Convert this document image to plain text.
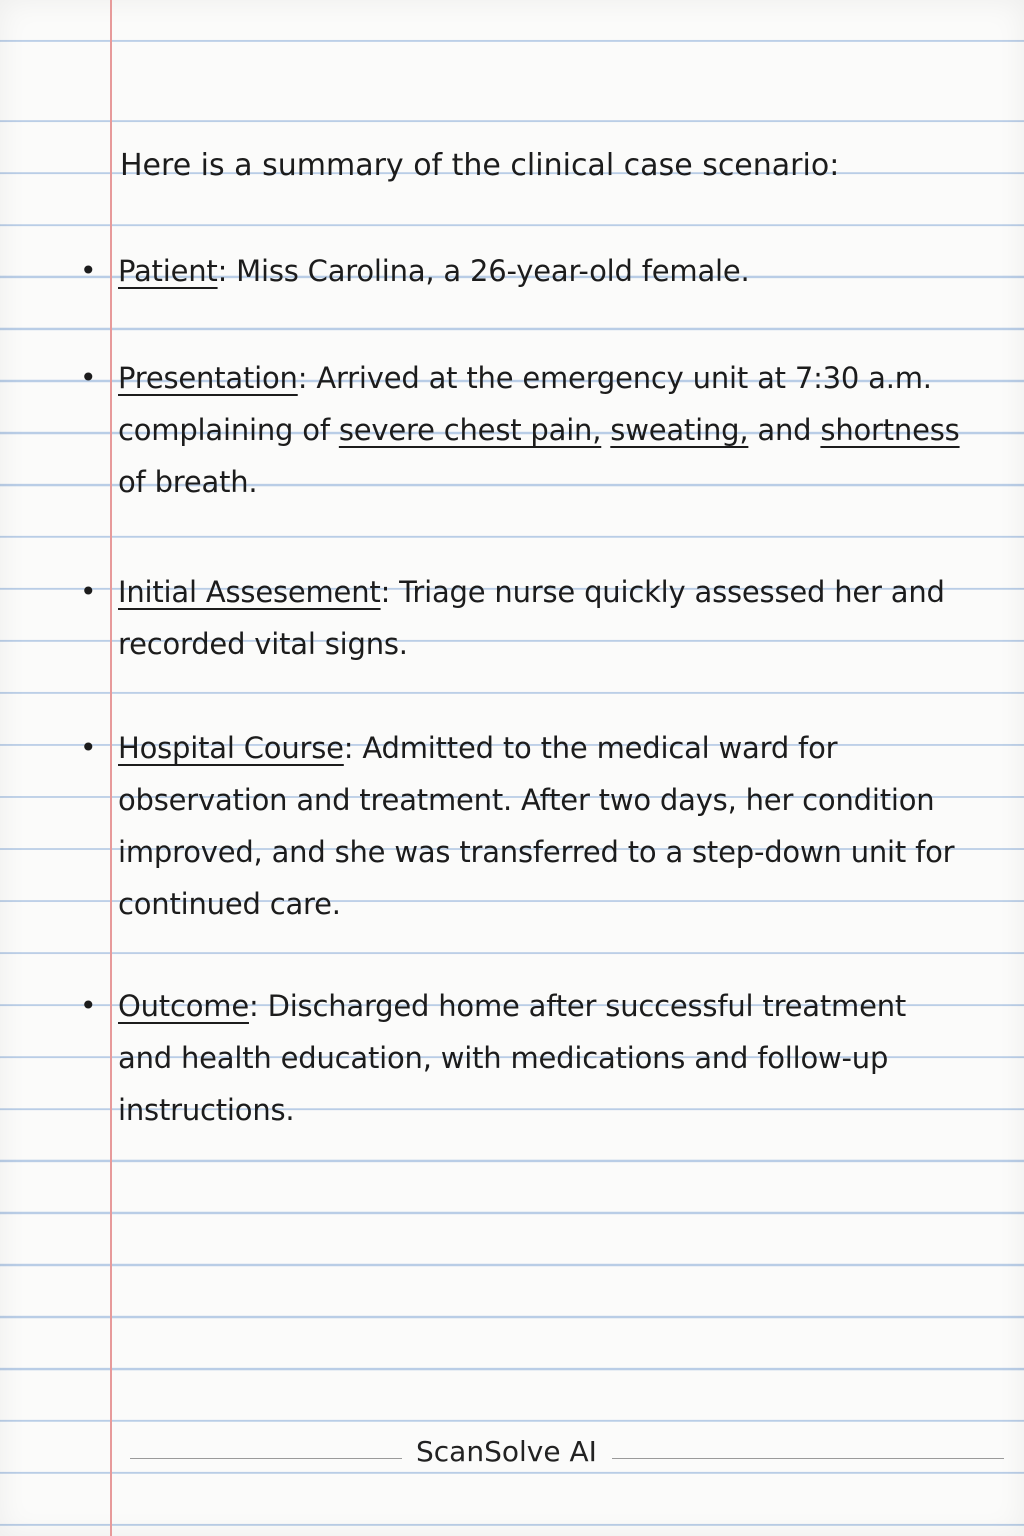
Here is a summary of the clinical case scenario:
• Patient: Miss Carolina, a 26-year-old female.
• Presentation: Arrived at the emergency unit at 7:30 a.m. complaining of severe chest pain, sweating, and shortness of breath.
• Initial Assesement: Triage nurse quickly assessed her and recorded vital signs.
• Hospital Course: Admitted to the medical ward for observation and treatment. After two days, her condition improved, and she was transferred to a step-down unit for continued care.
• Outcome: Discharged home after successful treatment and health education, with medications and follow-up instructions.
ScanSolve AI
